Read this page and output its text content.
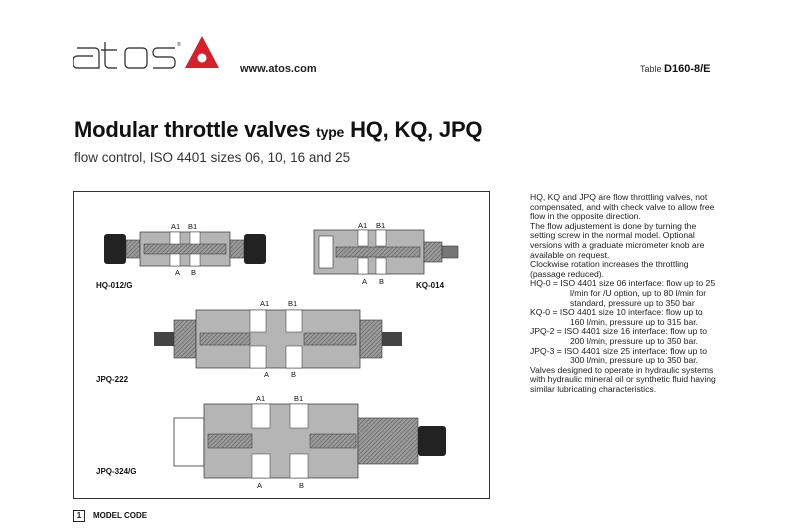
®
www.atos.com	Table D160-8/E
Modular throttle valves type HQ, KQ, JPQ
flow control, ISO 4401 sizes 06, 10, 16 and 25
A1 B1
A B
HQ-012/G
A1 B1
A B	KQ-014
A1	B1
A	B
JPQ-222
A1	B1
A	B
JPQ-324/G

HQ, KQ and JPQ are flow throttling valves, not compensated, and with check valve to allow free flow in the opposite direction.

The flow adjustement is done by turning the setting screw in the normal model. Optional versions with a graduate micrometer knob are available on request.

Clockwise rotation increases the throttling (passage reduced).

HQ-0 = ISO 4401 size 06 interface: flow up to 25 l/min for /U option, up to 80 l/min for standard, pressure up to 350 bar

KQ-0 = ISO 4401 size 10 interface: flow up to 160 l/min, pressure up to 315 bar.

JPQ-2 = ISO 4401 size 16 interface: flow up to 200 l/min, pressure up to 350 bar.

JPQ-3 = ISO 4401 size 25 interface: flow up to 300 l/min, pressure up to 350 bar.

Valves designed to operate in hydraulic systems with hydraulic mineral oil or synthetic fluid having similar lubricating characteristics.

1	MODEL CODE
